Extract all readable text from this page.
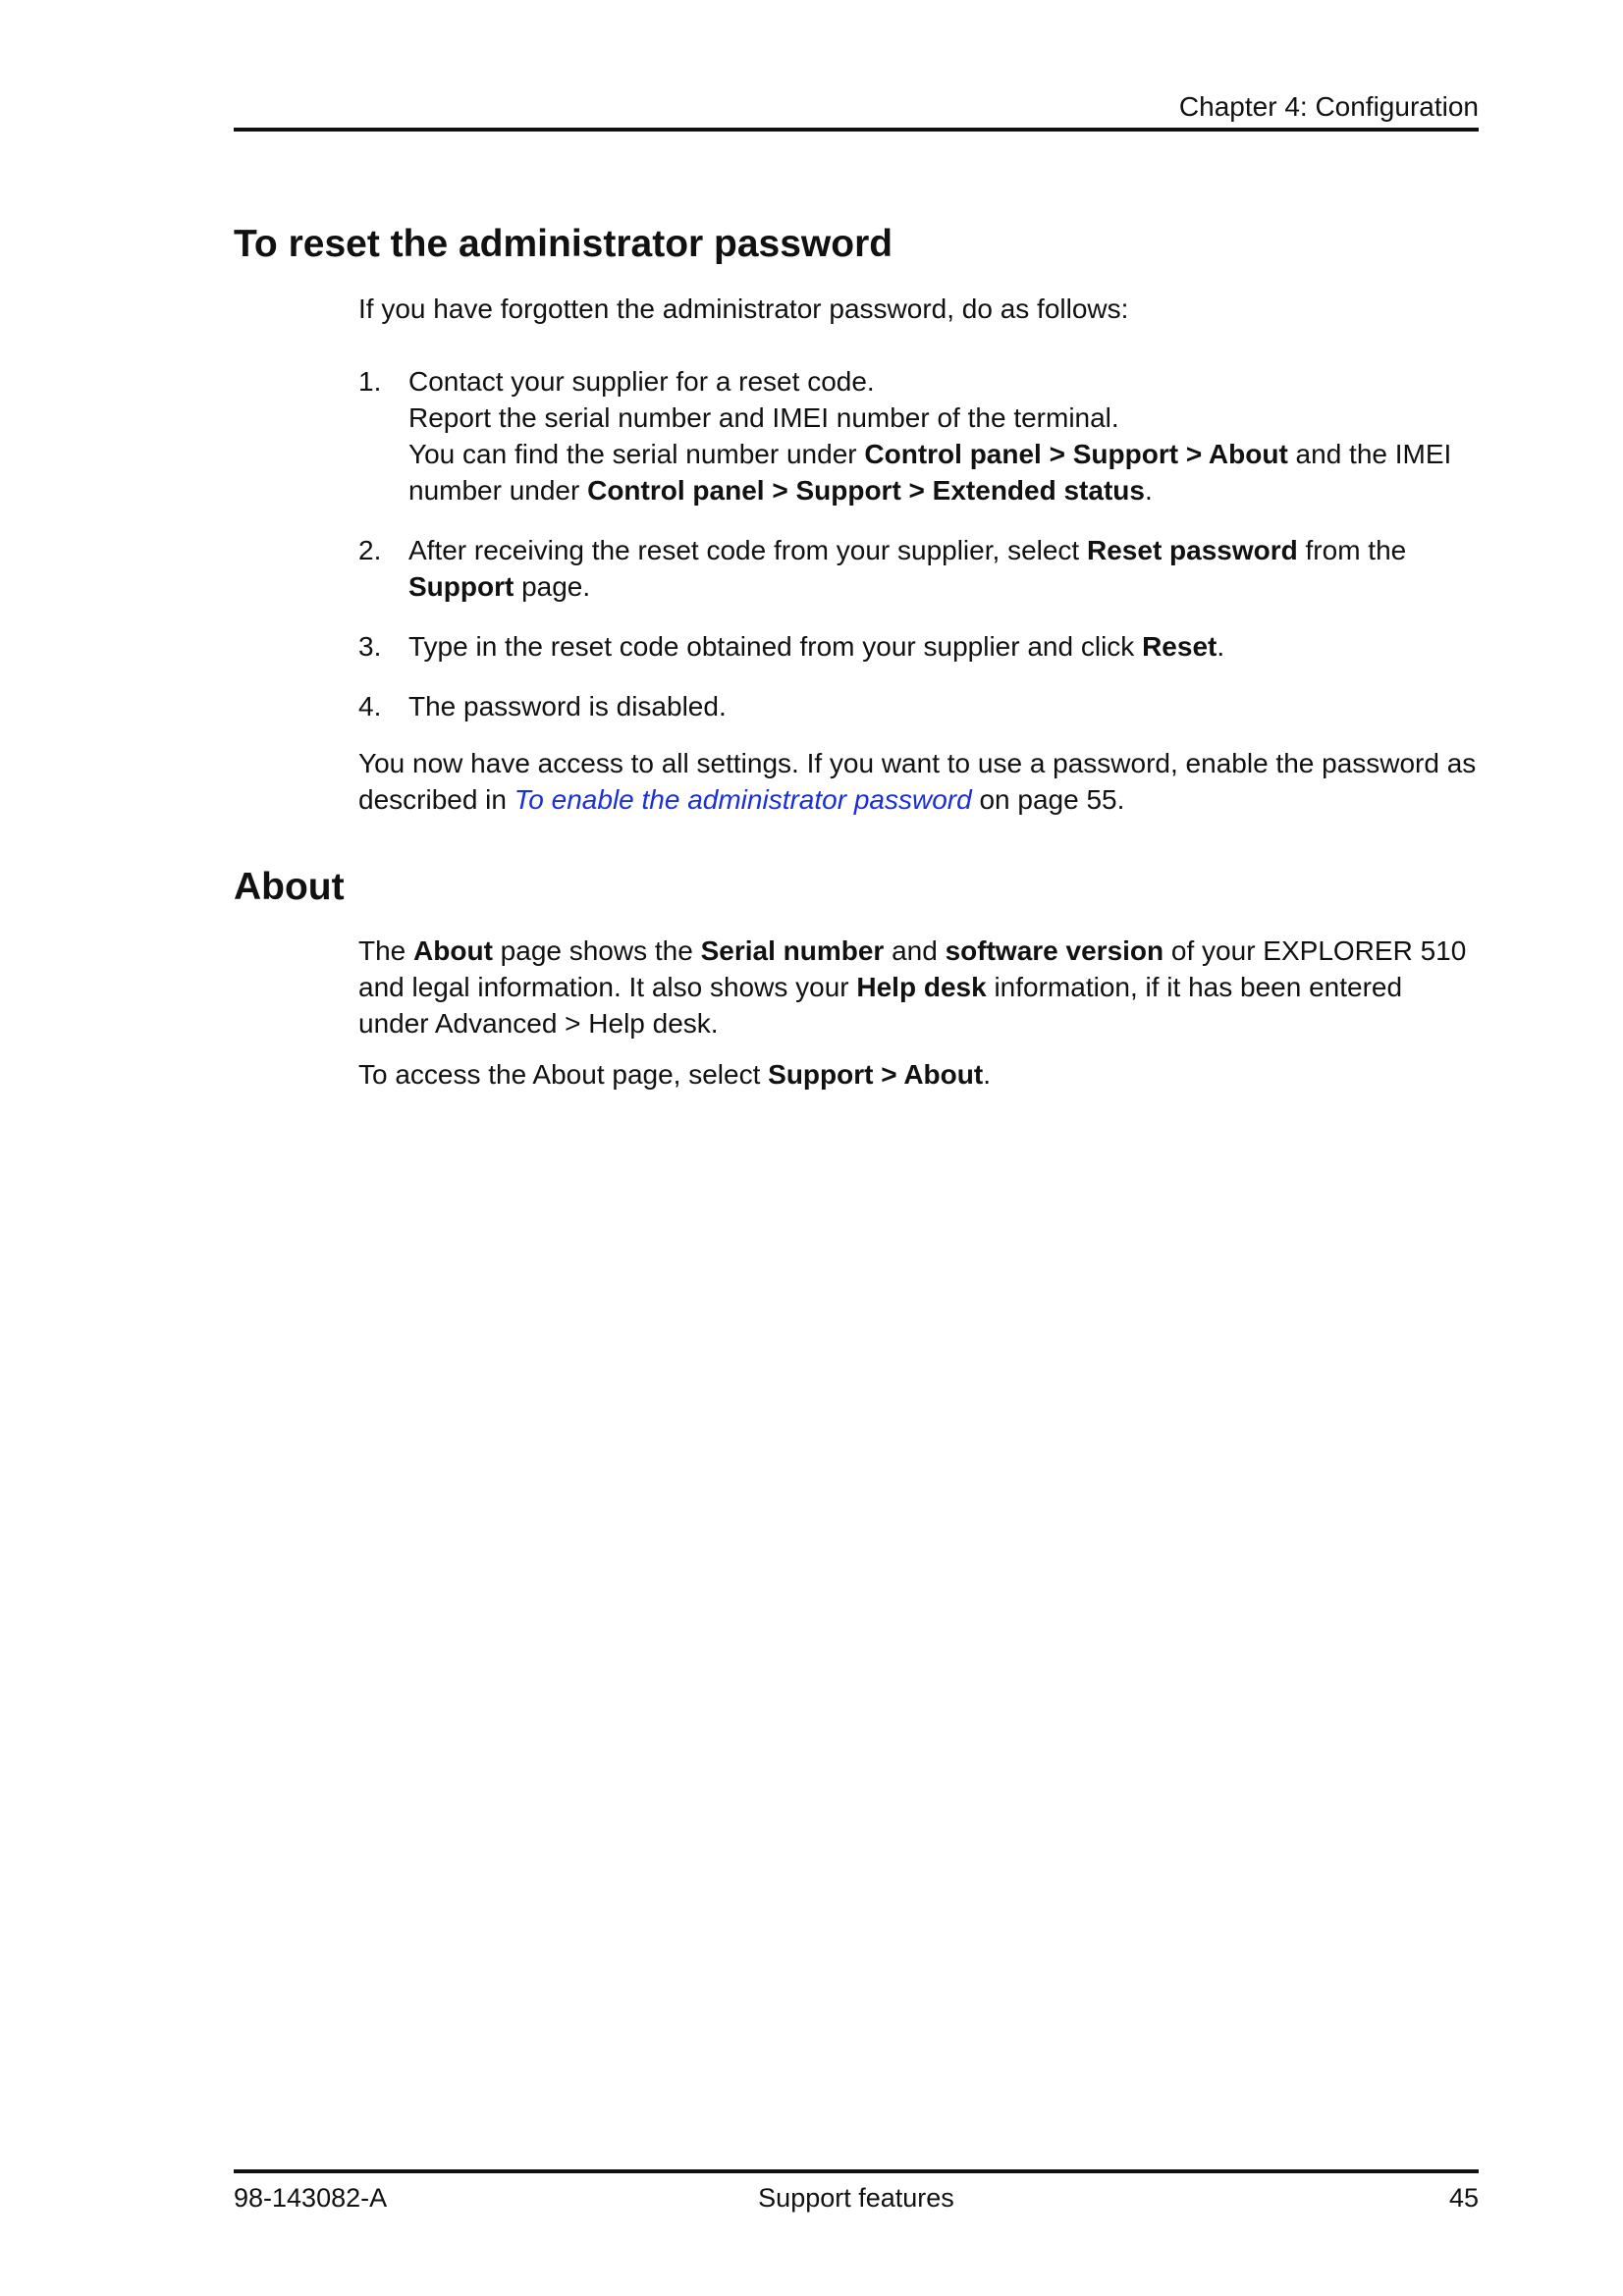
Chapter 4: Configuration
To reset the administrator password

If you have forgotten the administrator password, do as follows:

1. Contact your supplier for a reset code.
Report the serial number and IMEI number of the terminal.
You can find the serial number under Control panel > Support > About and the IMEI number under Control panel > Support > Extended status.
2. After receiving the reset code from your supplier, select Reset password from the Support page.
3. Type in the reset code obtained from your supplier and click Reset.
4. The password is disabled.

You now have access to all settings. If you want to use a password, enable the password as described in To enable the administrator password on page 55.

About

The About page shows the Serial number and software version of your EXPLORER 510 and legal information. It also shows your Help desk information, if it has been entered under Advanced > Help desk.

To access the About page, select Support > About.

98-143082-A	Support features	45
